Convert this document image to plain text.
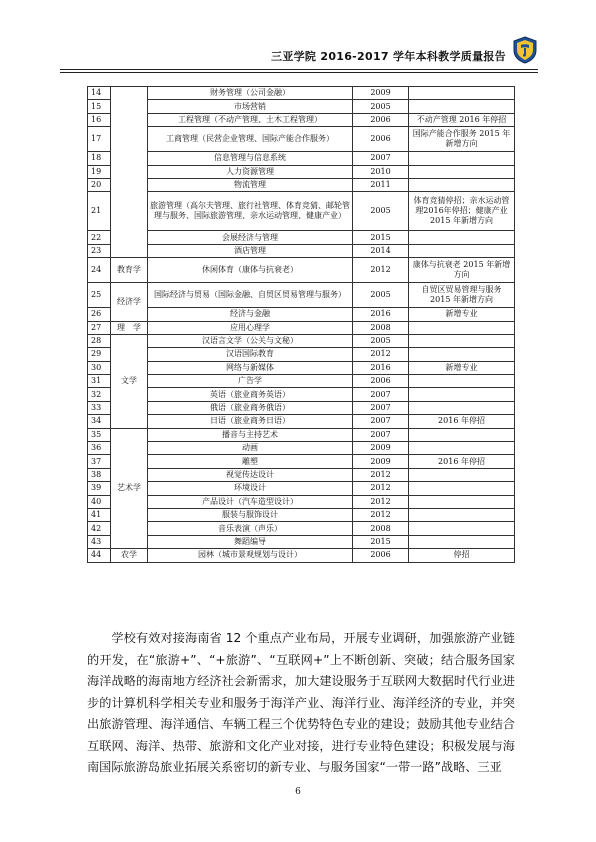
三亚学院 2016-2017 学年本科教学质量报告
14		财务管理（公司金融）	2009	
15		市场营销	2005	
16		工程管理（不动产管理、土木工程管理）	2006	不动产管理 2016 年停招
17		工商管理（民营企业管理、国际产能合作服务）	2006	国际产能合作服务 2015 年新增方向
18		信息管理与信息系统	2007	
19		人力资源管理	2010	
20		物流管理	2011	
21		旅游管理（高尔夫管理、旅行社管理、体育竞猜、邮轮管理与服务、国际旅游管理、亲水运动管理、健康产业）	2005	体育竞猜停招；亲水运动管理2016年停招；健康产业 2015 年新增方向
22		会展经济与管理	2015	
23		酒店管理	2014	
24	教育学	休闲体育（康体与抗衰老）	2012	康体与抗衰老 2015 年新增方向
25	经济学	国际经济与贸易（国际金融、自贸区贸易管理与服务）	2005	自贸区贸易管理与服务 2015 年新增方向
26		经济与金融	2016	新增专业
27	理　学	应用心理学	2008	
28	文学	汉语言文学（公关与文秘）	2005	
29		汉语国际教育	2012	
30		网络与新媒体	2016	新增专业
31		广告学	2006	
32		英语（旅业商务英语）	2007	
33		俄语（旅业商务俄语）	2007	
34		日语（旅业商务日语）	2007	2016 年停招
35	艺术学	播音与主持艺术	2007	
36		动画	2009	
37		雕塑	2009	2016 年停招
38		视觉传达设计	2012	
39		环境设计	2012	
40		产品设计（汽车造型设计）	2012	
41		服装与服饰设计	2012	
42		音乐表演（声乐）	2008	
43		舞蹈编导	2015	
44	农学	园林（城市景观规划与设计）	2006	停招

学校有效对接海南省 12 个重点产业布局，开展专业调研，加强旅游产业链的开发，在“旅游+”、“+旅游”、“互联网+”上不断创新、突破；结合服务国家海洋战略的海南地方经济社会新需求，加大建设服务于互联网大数据时代行业进步的计算机科学相关专业和服务于海洋产业、海洋行业、海洋经济的专业，并突出旅游管理、海洋通信、车辆工程三个优势特色专业的建设；鼓励其他专业结合互联网、海洋、热带、旅游和文化产业对接，进行专业特色建设；积极发展与海南国际旅游岛旅业拓展关系密切的新专业、与服务国家“一带一路”战略、三亚

6
